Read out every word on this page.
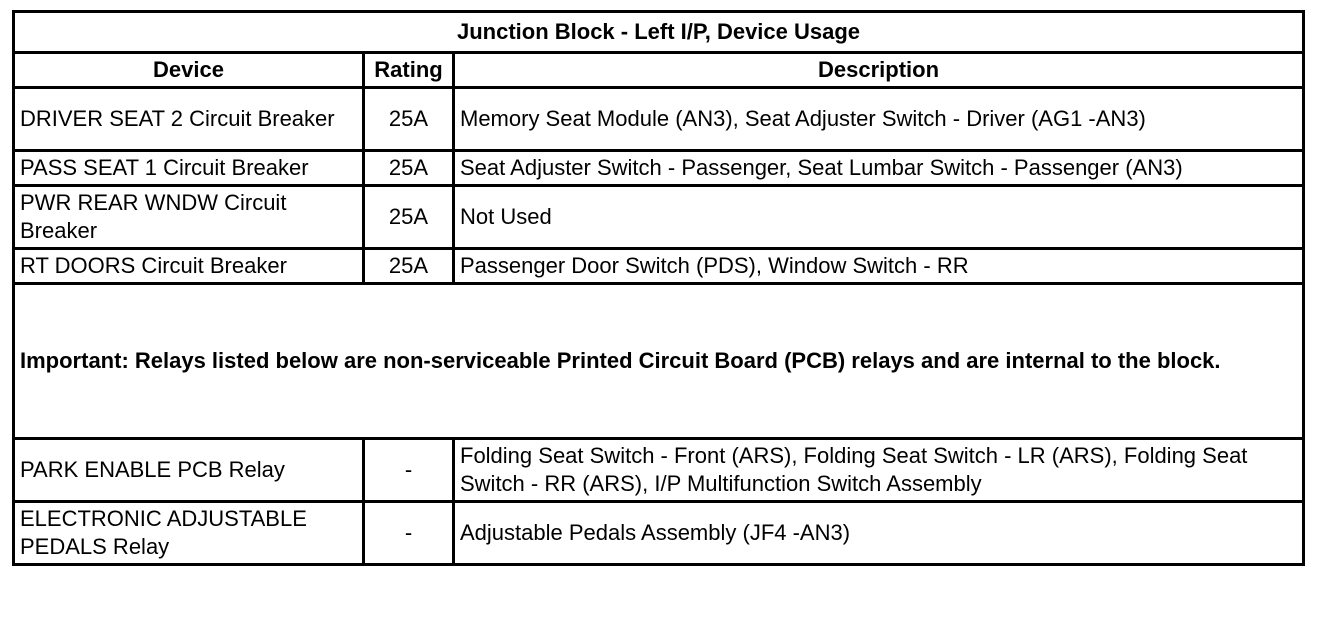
Junction Block - Left I/P, Device Usage		
Device	Rating	Description
DRIVER SEAT 2 Circuit Breaker	25A	Memory Seat Module (AN3), Seat Adjuster Switch - Driver (AG1 -AN3)
PASS SEAT 1 Circuit Breaker	25A	Seat Adjuster Switch - Passenger, Seat Lumbar Switch - Passenger (AN3)
PWR REAR WNDW Circuit Breaker	25A	Not Used
RT DOORS Circuit Breaker	25A	Passenger Door Switch (PDS), Window Switch - RR
Important: Relays listed below are non-serviceable Printed Circuit Board (PCB) relays and are internal to the block.		
PARK ENABLE PCB Relay	-	Folding Seat Switch - Front (ARS), Folding Seat Switch - LR (ARS), Folding Seat Switch - RR (ARS), I/P Multifunction Switch Assembly
ELECTRONIC ADJUSTABLE PEDALS Relay	-	Adjustable Pedals Assembly (JF4 -AN3)
